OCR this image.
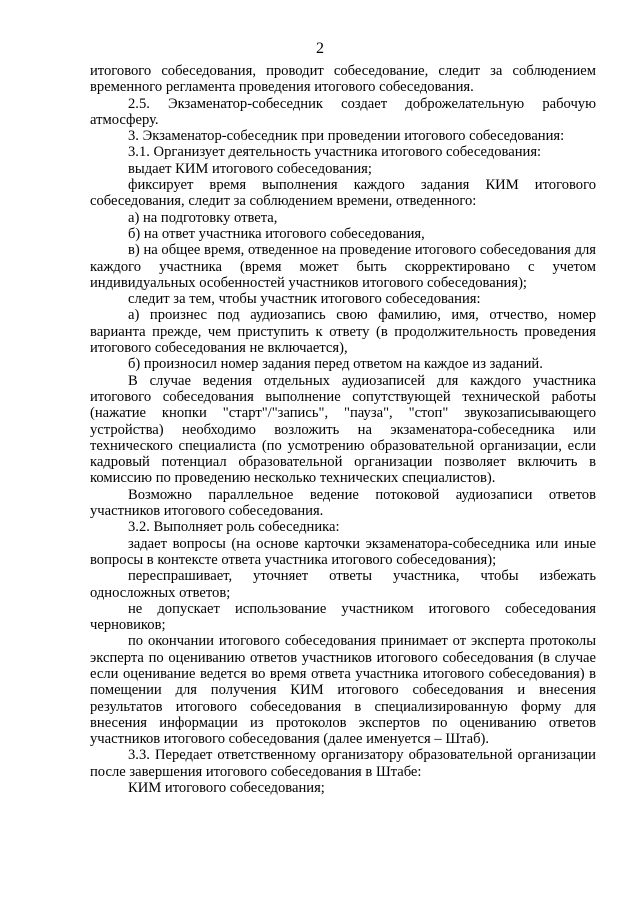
2

итогового собеседования, проводит собеседование, следит за соблюдением временного регламента проведения итогового собеседования.

2.5. Экзаменатор-собеседник создает доброжелательную рабочую атмосферу.

3. Экзаменатор-собеседник при проведении итогового собеседования:

3.1. Организует деятельность участника итогового собеседования:

выдает КИМ итогового собеседования;

фиксирует время выполнения каждого задания КИМ итогового собеседования, следит за соблюдением времени, отведенного:

а) на подготовку ответа,

б) на ответ участника итогового собеседования,

в) на общее время, отведенное на проведение итогового собеседования для каждого участника (время может быть скорректировано с учетом индивидуальных особенностей участников итогового собеседования);

следит за тем, чтобы участник итогового собеседования:

а) произнес под аудиозапись свою фамилию, имя, отчество, номер варианта прежде, чем приступить к ответу (в продолжительность проведения итогового собеседования не включается),

б) произносил номер задания перед ответом на каждое из заданий.

В случае ведения отдельных аудиозаписей для каждого участника итогового собеседования выполнение сопутствующей технической работы (нажатие кнопки "старт"/"запись", "пауза", "стоп" звукозаписывающего устройства) необходимо возложить на экзаменатора-собеседника или технического специалиста (по усмотрению образовательной организации, если кадровый потенциал образовательной организации позволяет включить в комиссию по проведению несколько технических специалистов).

Возможно параллельное ведение потоковой аудиозаписи ответов участников итогового собеседования.

3.2. Выполняет роль собеседника:

задает вопросы (на основе карточки экзаменатора-собеседника или иные вопросы в контексте ответа участника итогового собеседования);

переспрашивает, уточняет ответы участника, чтобы избежать односложных ответов;

не допускает использование участником итогового собеседования черновиков;

по окончании итогового собеседования принимает от эксперта протоколы эксперта по оцениванию ответов участников итогового собеседования (в случае если оценивание ведется во время ответа участника итогового собеседования) в помещении для получения КИМ итогового собеседования и внесения результатов итогового собеседования в специализированную форму для внесения информации из протоколов экспертов по оцениванию ответов участников итогового собеседования (далее именуется – Штаб).

3.3. Передает ответственному организатору образовательной организации после завершения итогового собеседования в Штабе:

КИМ итогового собеседования;
